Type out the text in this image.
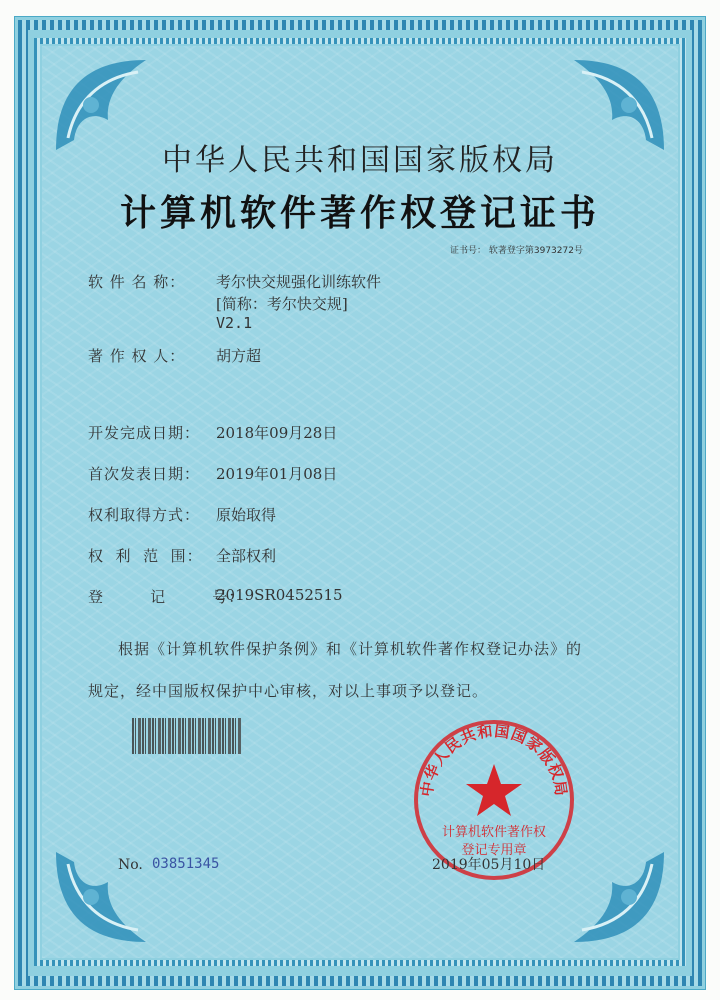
中华人民共和国国家版权局
计算机软件著作权登记证书
证书号： 软著登字第3973272号
软 件 名 称： 考尔快交规强化训练软件
[简称：考尔快交规]
V2.1
著 作 权 人： 胡方超
开发完成日期： 2018年09月28日
首次发表日期： 2019年01月08日
权利取得方式： 原始取得
权  利  范  围： 全部权利
登        记        号：
2019SR0452515
根据《计算机软件保护条例》和《计算机软件著作权登记办法》的
规定，经中国版权保护中心审核，对以上事项予以登记。
中华人民共和国国家版权局
计算机软件著作权
登记专用章
No. 03851345	2019年05月10日
